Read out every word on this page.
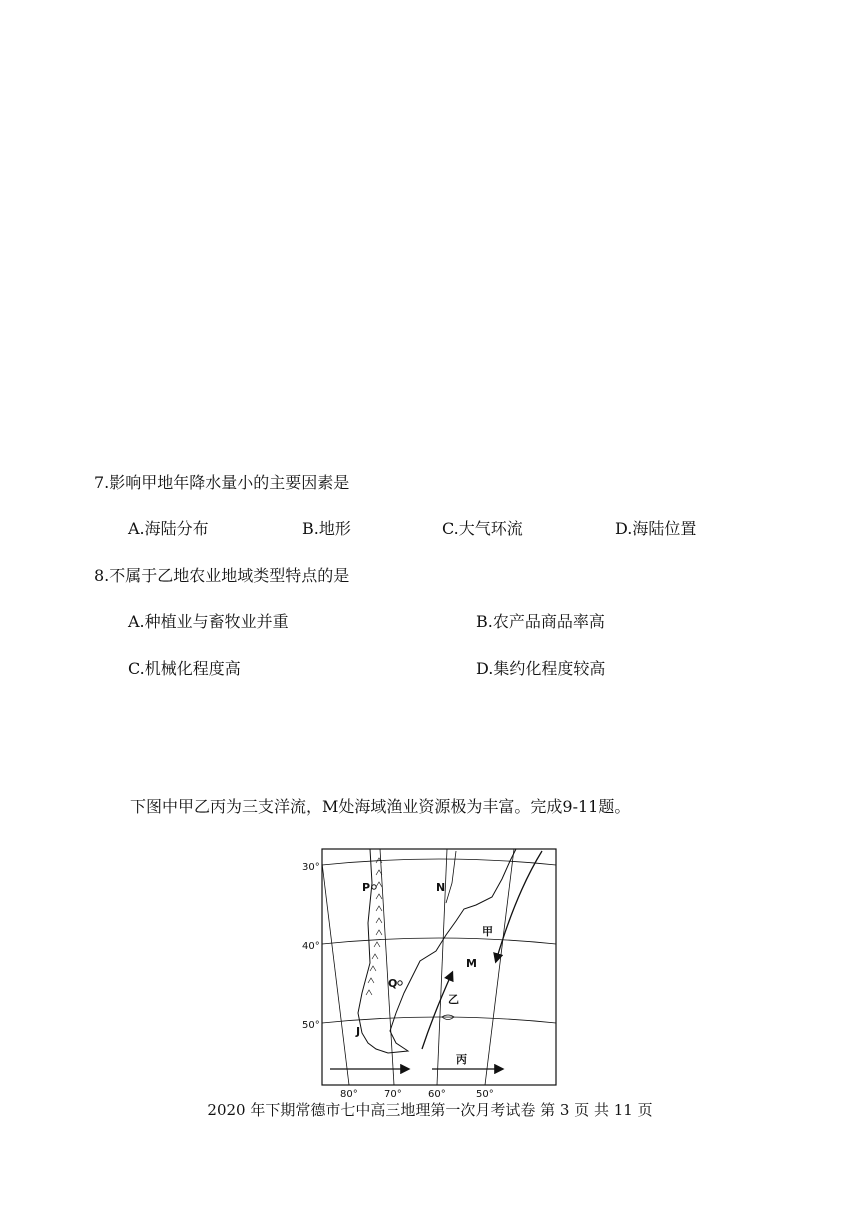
7.影响甲地年降水量小的主要因素是
A.海陆分布	B.地形	C.大气环流	D.海陆位置
8.不属于乙地农业地域类型特点的是
A.种植业与畜牧业并重	B.农产品商品率高
C.机械化程度高	D.集约化程度较高
下图中甲乙丙为三支洋流，M处海域渔业资源极为丰富。完成9-11题。
30°
40°
50°
80°	70°	60°	50°
P	N
Q
M
J
甲
乙
丙
2020 年下期常德市七中高三地理第一次月考试卷 第 3 页 共 11 页
